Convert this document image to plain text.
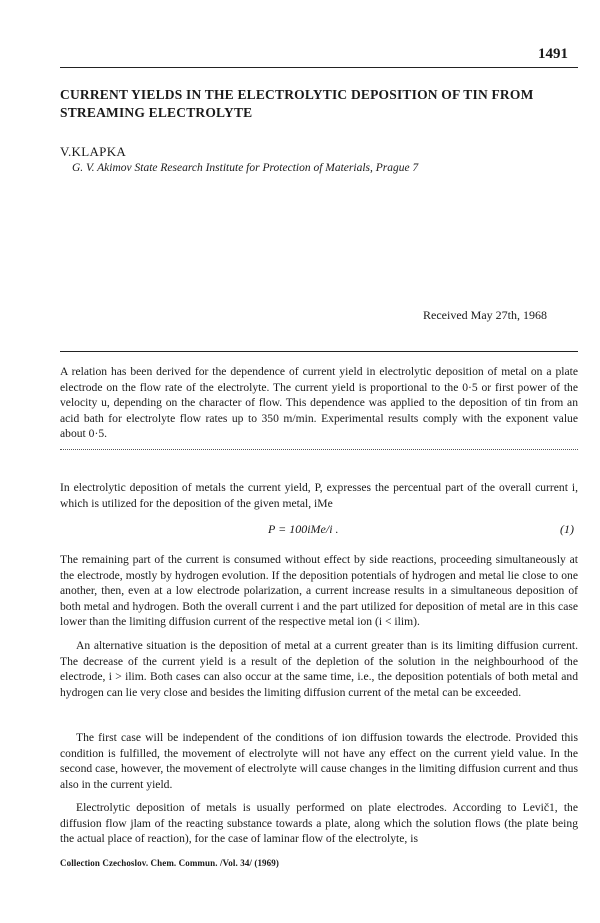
1491
CURRENT YIELDS IN THE ELECTROLYTIC DEPOSITION OF TIN FROM STREAMING ELECTROLYTE
V.KLAPKA
G. V. Akimov State Research Institute for Protection of Materials, Prague 7
Received May 27th, 1968

A relation has been derived for the dependence of current yield in electrolytic deposition of metal on a plate electrode on the flow rate of the electrolyte. The current yield is proportional to the 0·5 or first power of the velocity u, depending on the character of flow. This dependence was applied to the deposition of tin from an acid bath for electrolyte flow rates up to 350 m/min. Experimental results comply with the exponent value about 0·5.

In electrolytic deposition of metals the current yield, P, expresses the percentual part of the overall current i, which is utilized for the deposition of the given metal, iMe

P = 100iMe/i .	(1)

The remaining part of the current is consumed without effect by side reactions, proceeding simultaneously at the electrode, mostly by hydrogen evolution. If the deposition potentials of hydrogen and metal lie close to one another, then, even at a low electrode polarization, a current increase results in a simultaneous deposition of both metal and hydrogen. Both the overall current i and the part utilized for deposition of metal are in this case lower than the limiting diffusion current of the respective metal ion (i < ilim).

An alternative situation is the deposition of metal at a current greater than is its limiting diffusion current. The decrease of the current yield is a result of the depletion of the solution in the neighbourhood of the electrode, i > ilim. Both cases can also occur at the same time, i.e., the deposition potentials of both metal and hydrogen can lie very close and besides the limiting diffusion current of the metal can be exceeded.

The first case will be independent of the conditions of ion diffusion towards the electrode. Provided this condition is fulfilled, the movement of electrolyte will not have any effect on the current yield value. In the second case, however, the movement of electrolyte will cause changes in the limiting diffusion current and thus also in the current yield.

Electrolytic deposition of metals is usually performed on plate electrodes. According to Levič1, the diffusion flow jlam of the reacting substance towards a plate, along which the solution flows (the plate being the actual place of reaction), for the case of laminar flow of the electrolyte, is

Collection Czechoslov. Chem. Commun. /Vol. 34/ (1969)
